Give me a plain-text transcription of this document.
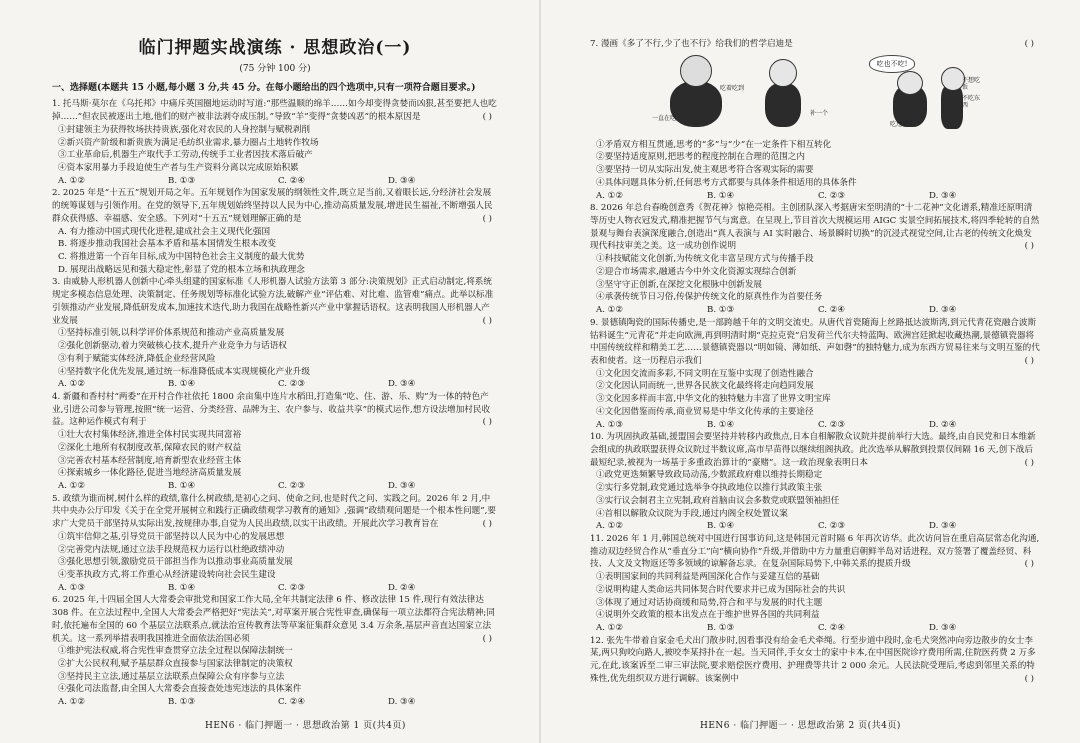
临门押题实战演练 · 思想政治(一)
(75 分钟 100 分)
一、选择题(本题共 15 小题,每小题 3 分,共 45 分。在每小题给出的四个选项中,只有一项符合题目要求。)
1. 托马斯·莫尔在《乌托邦》中痛斥英国圈地运动时写道:“那些温顺的绵羊……如今却变得贪婪而凶狠,甚至要把人也吃掉……”但农民被逐出土地,他们的财产被非法剥夺成压制。”导致“羊”变得“贪婪凶恶”的根本原因是	( )
①封建领主为获得牧场扶持贵族,强化对农民的人身控制与赋税剥削
②新兴资产阶级和新贵族为满足毛纺织业需求,暴力圈占土地转作牧场
③工业革命后,机器生产取代手工劳动,传统手工业者因技术落后破产
④资本家用暴力手段迫使生产者与生产资料分离以完成原始积累
A. ①②	B. ①③	C. ②④	D. ③④
2. 2025 年是“十五五”规划开局之年。五年规划作为国家发展的纲领性文件,既立足当前,又着眼长远,分经济社会发展的统筹谋划与引领作用。在党的领导下,五年规划始终坚持以人民为中心,推动高质量发展,增进民生福祉,不断增强人民群众获得感、幸福感、安全感。下列对“十五五”规划理解正确的是	( )
A. 有力推动中国式现代化进程,建成社会主义现代化强国
B. 将逐步推动我国社会基本矛盾和基本国情发生根本改变
C. 将推进第一个百年目标,成为中国特色社会主义制度的最大优势
D. 展现出战略远见和强大稳定性,彰显了党的根本立场和执政理念
3. 由威胁人形机器人创新中心牵头组建的国家标准《人形机器人试验方法第 3 部分:决策规划》正式启动制定,将系统规定多模态信息处理、决策制定、任务规划等标准化试验方法,破解产业“评估难、对比难、监管难”痛点。此举以标准引领推动产业发展,降低研发成本,加速技术迭代,助力我国在战略性新兴产业中掌握话语权。这表明我国人形机器人产业发展	( )
①坚持标准引领,以科学评价体系规范和推动产业高质量发展
②强化创新驱动,着力突破核心技术,提升产业竞争力与话语权
③有利于赋能实体经济,降低企业经营风险
④坚持数字化优先发展,通过统一标准降低成本实现规模化产业升级
A. ①②	B. ①④	C. ②③	D. ③④
4. 新疆和香村村“两委”在开村合作社依托 1800 余亩集中连片水稻田,打造集“吃、住、游、乐、购”为一体的特色产业,引进公司参与管理,按照“统一运营、分类经营、品牌为主、农户参与、收益共享”的模式运作,想方设法增加村民收益。这种运作模式有利于	( )
①壮大农村集体经济,推进全体村民实现共同富裕
②深化土地所有权制度改革,保障农民的财产权益
③完善农村基本经营制度,培育新型农业经营主体
④探索城乡一体化路径,促进当地经济高质量发展
A. ①②	B. ①④	C. ②③	D. ③④
5. 政绩为谁而树,树什么样的政绩,靠什么树政绩,是初心之问、使命之问,也是时代之问、实践之问。2026 年 2 月,中共中央办公厅印发《关于在全党开展树立和践行正确政绩观学习教育的通知》,强调“政绩观问题是一个根本性问题”,要求广大党员干部坚持从实际出发,按规律办事,自觉为人民出政绩,以实干出政绩。开展此次学习教育旨在	( )
①筑牢信仰之基,引导党员干部坚持以人民为中心的发展思想
②完善党内法规,通过立法手段规范权力运行以杜绝政绩冲动
③强化思想引领,激励党员干部担当作为以推动事业高质量发展
④变革执政方式,将工作重心从经济建设转向社会民生建设
A. ①③	B. ①④	C. ②③	D. ②④
6. 2025 年,十四届全国人大常委会审批党和国家工作大局,全年共制定法律 6 件、修改法律 15 件,现行有效法律达 308 件。在立法过程中,全国人大常委会严格把好“宪法关”,对草案开展合宪性审查,确保每一项立法都符合宪法精神;同时,依托遍布全国的 60 个基层立法联系点,就法治宣传教育法等草案征集群众意见 3.4 万余条,基层声音直达国家立法机关。这一系列举措表明我国推进全面依法治国必须	( )
①维护宪法权威,将合宪性审查贯穿立法全过程以保障法制统一
②扩大公民权利,赋予基层群众直接参与国家法律制定的决策权
③坚持民主立法,通过基层立法联系点保障公众有序参与立法
④强化司法监督,由全国人大常委会直接查处违宪违法的具体案件
A. ①②	B. ①③	C. ②④	D. ③④
HEN6 · 临门押题一 · 思想政治第 1 页(共4页)
7. 漫画《多了不行,少了也不行》给我们的哲学启迪是	( )
吃也不吃!
一直在吃
吃着吃到
补一个
不想吃饭
不吃东西
吃过了
①矛盾双方相互贯通,思考的“多”与“少”在一定条件下相互转化
②要坚持适度原则,把思考的程度控制在合理的范围之内
③要坚持一切从实际出发,使主观思考符合客观实际的需要
④具体问题具体分析,任何思考方式都要与具体条件相适用的具体条件
A. ①②	B. ①④	C. ②③	D. ③④
8. 2026 年总台春晚创意秀《贺花神》惊艳亮相。主创团队深入考据唐宋至明清的“十二花神”文化谱系,精准还原明清等历史人物衣冠发式,精准把握节气与寓意。在呈现上,节目首次大规模运用 AIGC 实景空间拓展技术,将四季轮转的自然景观与舞台表演深度融合,创造出“真人表演与 AI 实时融合、场景瞬时切换”的沉浸式视觉空间,让古老的传统文化焕发现代科技审美之美。这一成功创作说明	( )
①科技赋能文化创新,为传统文化丰富呈现方式与传播手段
②迎合市场需求,融通古今中外文化资源实现综合创新
③坚守守正创新,在深挖文化根脉中创新发展
④承袭传统节日习俗,传保护传统文化的原真性作为首要任务
A. ①②	B. ①③	C. ②④	D. ③④
9. 景德镇陶瓷的国际传播史,是一部跨越千年的文明交流史。从唐代首瓷随海上丝路抵达波斯湾,到元代青花瓷融合波斯钴料诞生“元青花”并走向欧洲,再到明清时期“克拉克瓷”启发荷兰代尔夫特蓝陶、欧洲宫廷掀起收藏热潮,景德镇瓷器将中国传统纹样和精美工艺……景德镇瓷器以“明如镜、薄如纸、声如磬”的独特魅力,成为东西方贸易往来与文明互鉴的代表和使者。这一历程启示我们	( )
①文化因交流而多彩,不同文明在互鉴中实现了创造性融合
②文化因认同而统一,世界各民族文化最终将走向趋同发展
③文化因多样而丰富,中华文化的独特魅力丰富了世界文明宝库
④文化因借鉴而传承,商业贸易是中华文化传承的主要途径
A. ①③	B. ①④	C. ②③	D. ②④
10. 为巩固执政基础,援盟国会要坚持并转移内政焦点,日本自相解散众议院并提前举行大选。最终,由自民党和日本维新会组成的执政联盟获得众议院过半数议席,高市早苗得以继续组阁执政。此次选举从解散到投票仅间隔 16 天,创下战后最短纪录,被视为一场基于多重政治算计的“豪赌”。这一政治现象表明日本	( )
①政党更迭频繁导致政局动荡,少数派政府难以维持长期稳定
②实行多党制,政党通过选举争夺执政地位以推行其政策主张
③实行议会制君主立宪制,政府首脑由议会多数党或联盟领袖担任
④首相以解散众议院为手段,通过内阁全权处置议案
A. ①②	B. ①④	C. ②③	D. ③④
11. 2026 年 1 月,韩国总统对中国进行国事访问,这是韩国元首时隔 6 年再次访华。此次访问旨在重启高层常态化沟通,推动双边经贸合作从“垂直分工”向“横向协作”升级,并借助中方力量重启朝鲜半岛对话进程。双方签署了覆盖经贸、科技、人文及文物返还等多领域的谅解备忘录。在复杂国际局势下,中韩关系的提质升级	( )
①表明国家间的共同利益是两国深化合作与妥建互信的基础
②说明构建人类命运共同体契合时代要求并已成为国际社会的共识
③体现了通过对话协商缓和局势,符合和平与发展的时代主题
④说明外交政策的根本出发点在于维护世界各国的共同利益
A. ①②	B. ①③	C. ②④	D. ③④
12. 张先牛带着自家金毛犬出门散步时,因看事没有给金毛犬牵绳。行至步道中段时,金毛犬突然冲向旁边散步的女士李某,两只狗咬向路人,被咬李某捋扑在一起。当天同伴,手女女士的家中卡本,在中国医院诊疗费用所需,住院医药费 2 万多元,在此,该案诉至二审三审法院,要求赔偿医疗费用、护理费等共计 2 000 余元。人民法院受理后,考虑到邻里关系的特殊性,优先组织双方进行调解。该案例中	( )
HEN6 · 临门押题一 · 思想政治第 2 页(共4页)
